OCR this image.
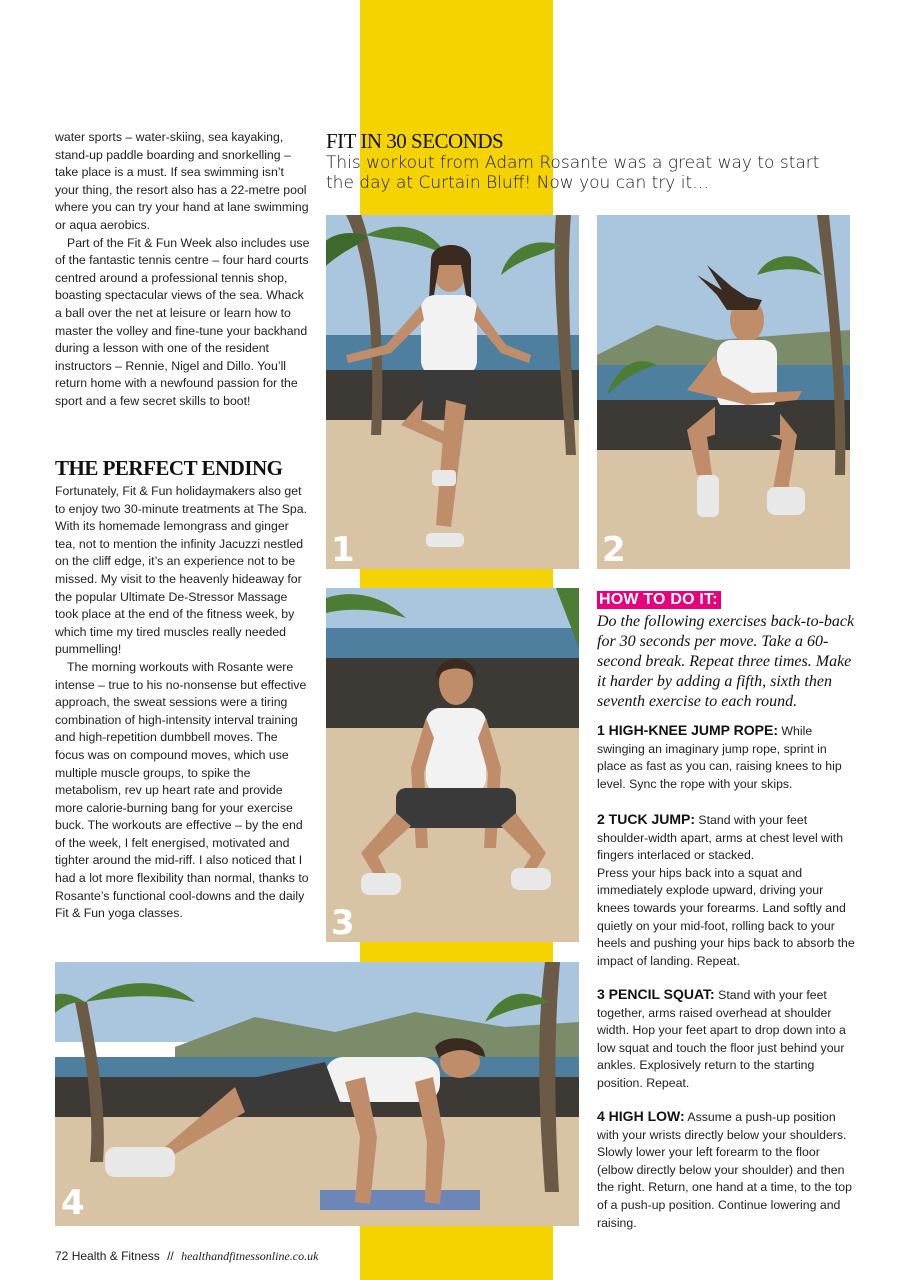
water sports – water-skiing, sea kayaking, stand-up paddle boarding and snorkelling – take place is a must. If sea swimming isn’t your thing, the resort also has a 22-metre pool where you can try your hand at lane swimming or aqua aerobics.

Part of the Fit & Fun Week also includes use of the fantastic tennis centre – four hard courts centred around a professional tennis shop, boasting spectacular views of the sea. Whack a ball over the net at leisure or learn how to master the volley and fine-tune your backhand during a lesson with one of the resident instructors – Rennie, Nigel and Dillo. You’ll return home with a newfound passion for the sport and a few secret skills to boot!

THE PERFECT ENDING

Fortunately, Fit & Fun holidaymakers also get to enjoy two 30-minute treatments at The Spa. With its homemade lemongrass and ginger tea, not to mention the infinity Jacuzzi nestled on the cliff edge, it’s an experience not to be missed. My visit to the heavenly hideaway for the popular Ultimate De-Stressor Massage took place at the end of the fitness week, by which time my tired muscles really needed pummelling!

The morning workouts with Rosante were intense – true to his no-nonsense but effective approach, the sweat sessions were a tiring combination of high-intensity interval training and high-repetition dumbbell moves. The focus was on compound moves, which use multiple muscle groups, to spike the metabolism, rev up heart rate and provide more calorie-burning bang for your exercise buck. The workouts are effective – by the end of the week, I felt energised, motivated and tighter around the mid-riff. I also noticed that I had a lot more flexibility than normal, thanks to Rosante’s functional cool-downs and the daily Fit & Fun yoga classes.

FIT IN 30 SECONDS
This workout from Adam Rosante was a great way to start the day at Curtain Bluff! Now you can try it…
1	2
3
4
HOW TO DO IT:

Do the following exercises back-to-back for 30 seconds per move. Take a 60-second break. Repeat three times. Make it harder by adding a fifth, sixth then seventh exercise to each round.

1 HIGH-KNEE JUMP ROPE: While swinging an imaginary jump rope, sprint in place as fast as you can, raising knees to hip level. Sync the rope with your skips.

2 TUCK JUMP: Stand with your feet shoulder-width apart, arms at chest level with fingers interlaced or stacked.

Press your hips back into a squat and immediately explode upward, driving your knees towards your forearms. Land softly and quietly on your mid-foot, rolling back to your heels and pushing your hips back to absorb the impact of landing. Repeat.

3 PENCIL SQUAT: Stand with your feet together, arms raised overhead at shoulder width. Hop your feet apart to drop down into a low squat and touch the floor just behind your ankles. Explosively return to the starting position. Repeat.

4 HIGH LOW: Assume a push-up position with your wrists directly below your shoulders. Slowly lower your left forearm to the floor (elbow directly below your shoulder) and then the right. Return, one hand at a time, to the top of a push-up position. Continue lowering and raising.

72 Health & Fitness // healthandfitnessonline.co.uk
